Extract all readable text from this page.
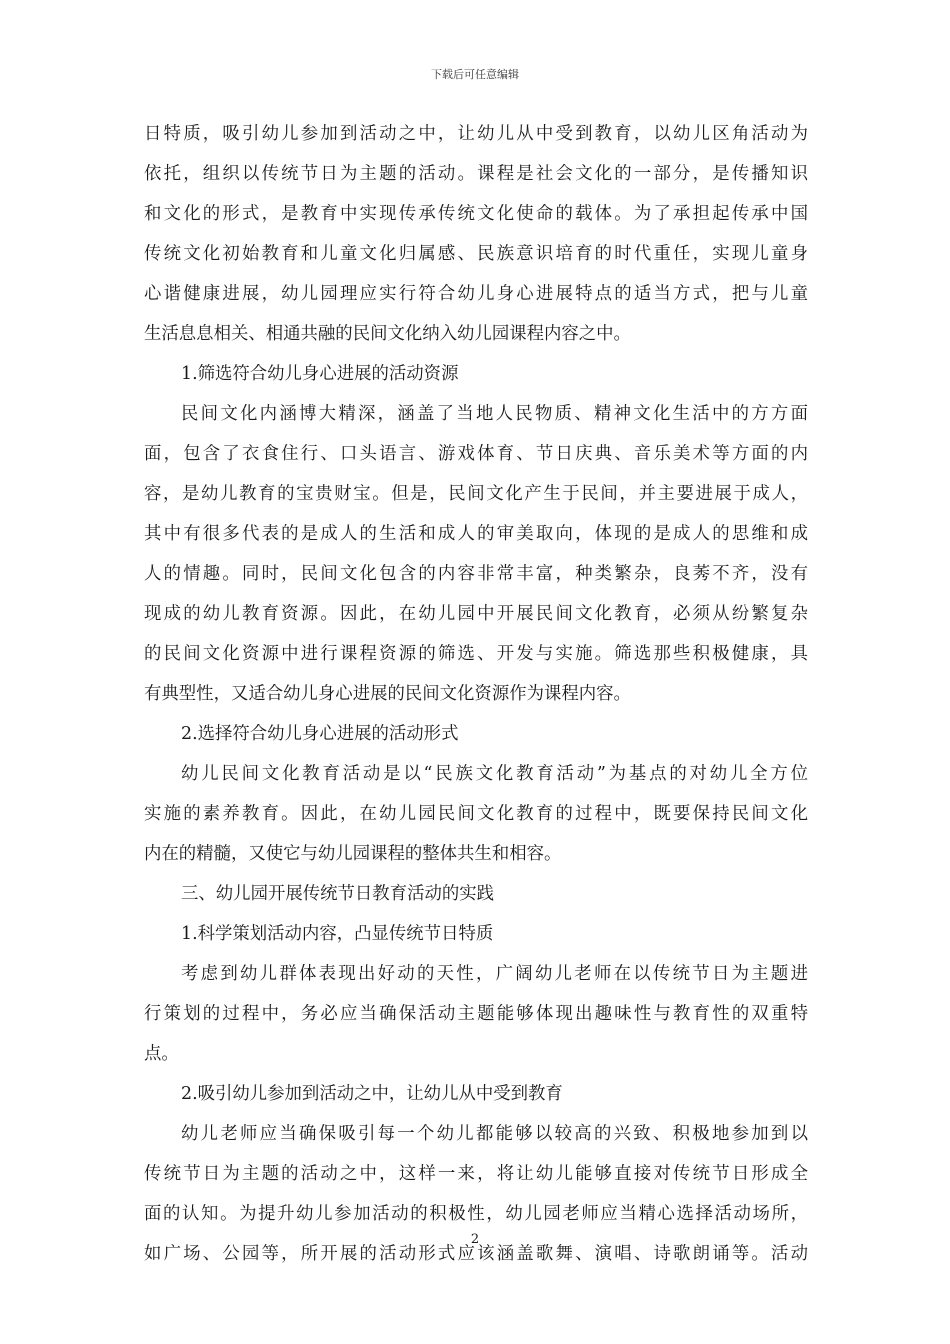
下载后可任意编辑
日特质，吸引幼儿参加到活动之中，让幼儿从中受到教育，以幼儿区角活动为
依托，组织以传统节日为主题的活动。课程是社会文化的一部分，是传播知识
和文化的形式，是教育中实现传承传统文化使命的载体。为了承担起传承中国
传统文化初始教育和儿童文化归属感、民族意识培育的时代重任，实现儿童身
心谐健康进展，幼儿园理应实行符合幼儿身心进展特点的适当方式，把与儿童
生活息息相关、相通共融的民间文化纳入幼儿园课程内容之中。
1.筛选符合幼儿身心进展的活动资源
民间文化内涵博大精深，涵盖了当地人民物质、精神文化生活中的方方面
面，包含了衣食住行、口头语言、游戏体育、节日庆典、音乐美术等方面的内
容，是幼儿教育的宝贵财宝。但是，民间文化产生于民间，并主要进展于成人，
其中有很多代表的是成人的生活和成人的审美取向，体现的是成人的思维和成
人的情趣。同时，民间文化包含的内容非常丰富，种类繁杂，良莠不齐，没有
现成的幼儿教育资源。因此，在幼儿园中开展民间文化教育，必须从纷繁复杂
的民间文化资源中进行课程资源的筛选、开发与实施。筛选那些积极健康，具
有典型性，又适合幼儿身心进展的民间文化资源作为课程内容。
2.选择符合幼儿身心进展的活动形式
幼儿民间文化教育活动是以“民族文化教育活动”为基点的对幼儿全方位
实施的素养教育。因此，在幼儿园民间文化教育的过程中，既要保持民间文化
内在的精髓，又使它与幼儿园课程的整体共生和相容。
三、幼儿园开展传统节日教育活动的实践
1.科学策划活动内容，凸显传统节日特质
考虑到幼儿群体表现出好动的天性，广阔幼儿老师在以传统节日为主题进
行策划的过程中，务必应当确保活动主题能够体现出趣味性与教育性的双重特
点。
2.吸引幼儿参加到活动之中，让幼儿从中受到教育
幼儿老师应当确保吸引每一个幼儿都能够以较高的兴致、积极地参加到以
传统节日为主题的活动之中，这样一来，将让幼儿能够直接对传统节日形成全
面的认知。为提升幼儿参加活动的积极性，幼儿园老师应当精心选择活动场所，
如广场、公园等，所开展的活动形式应该涵盖歌舞、演唱、诗歌朗诵等。活动
2
